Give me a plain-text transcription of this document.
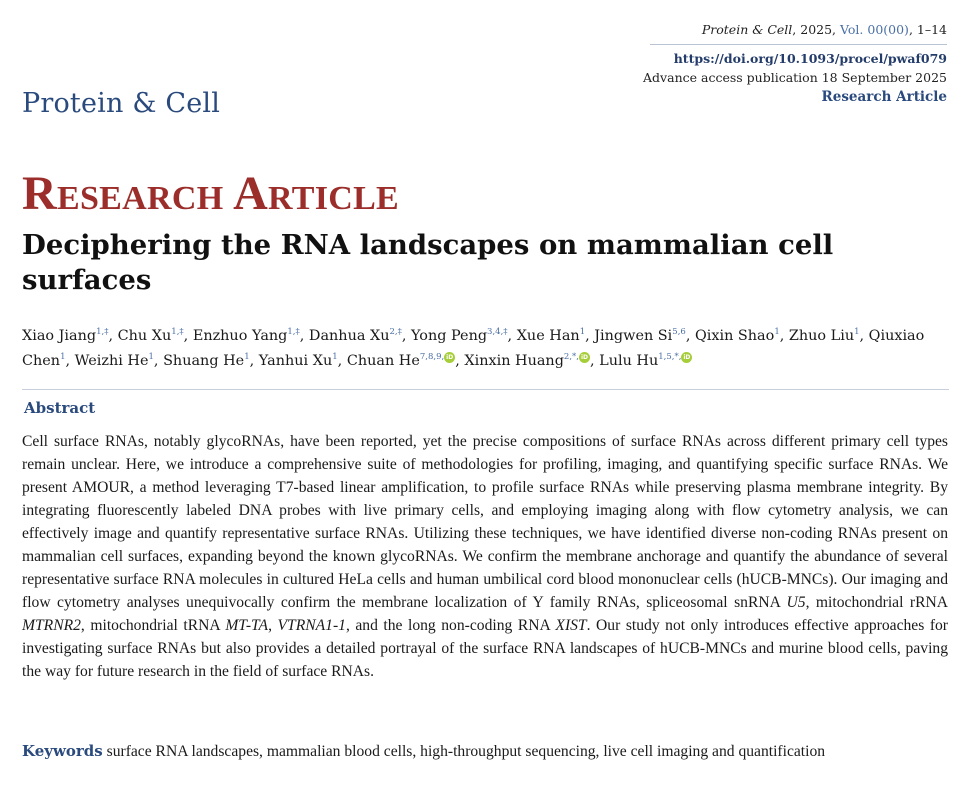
Protein & Cell, 2025, Vol. 00(00), 1–14
https://doi.org/10.1093/procel/pwaf079
Advance access publication 18 September 2025
Research Article
Protein & Cell
Research Article
Deciphering the RNA landscapes on mammalian cell surfaces
Xiao Jiang$^{1,\ddagger}$, Chu $Xu^{1,\ddagger}$, Enzhuo Yang$^{1,\ddagger}$, Danhua $Xu^{2,\ddagger}$, Yong Peng$^{3,4,\ddagger}$, Xue Han$^1$, Jingwen Si$^{5,6}$, Qixin Shao$^1$, Zhuo Liu$^1$, Qiuxiao Chen$^1$, Weizhi He$^1$, Shuang He$^1$, Yanhui Xu$^1$, Chuan $He^{7,8,9,}$ iD , Xinxin Huang$^{2,*,}$ iD , Lulu $Hu^{1,5,*,}$ iD
Abstract
Cell surface RNAs, notably glycoRNAs, have been reported, yet the precise compositions of surface RNAs across different primary cell types remain unclear. Here, we introduce a comprehensive suite of methodologies for profiling, imaging, and quantifying specific surface RNAs. We present AMOUR, a method leveraging T7-based linear amplification, to profile surface RNAs while preserving plasma membrane integrity. By integrating fluorescently labeled DNA probes with live primary cells, and employing imaging along with flow cytometry analysis, we can effectively image and quantify representative surface RNAs. Utilizing these techniques, we have identified diverse non-coding RNAs present on mammalian cell surfaces, expanding beyond the known glycoRNAs. We confirm the membrane anchorage and quantify the abundance of several representative surface RNA molecules in cultured HeLa cells and human umbilical cord blood mononuclear cells (hUCB-MNCs). Our imaging and flow cytometry analyses unequivocally confirm the membrane localization of Y family RNAs, spliceosomal snRNA U5, mitochondrial rRNA MTRNR2, mitochondrial tRNA MT-TA, VTRNA1-1, and the long non-coding RNA XIST. Our study not only introduces effective approaches for investigating surface RNAs but also provides a detailed portrayal of the surface RNA landscapes of hUCB-MNCs and murine blood cells, paving the way for future research in the field of surface RNAs.
Keywords surface RNA landscapes, mammalian blood cells, high-throughput sequencing, live cell imaging and quantification
